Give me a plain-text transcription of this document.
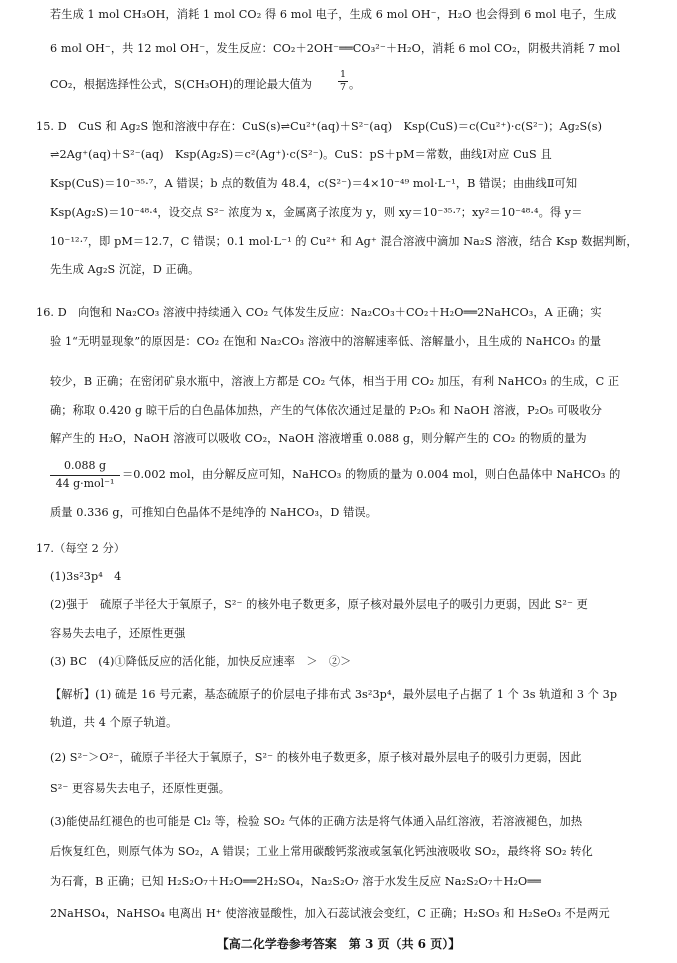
若生成 1 mol CH₃OH，消耗 1 mol CO₂ 得 6 mol 电子，生成 6 mol OH⁻，H₂O 也会得到 6 mol 电子，生成
6 mol OH⁻，共 12 mol OH⁻，发生反应：CO₂＋2OH⁻══CO₃²⁻＋H₂O，消耗 6 mol CO₂，阴极共消耗 7 mol
CO₂，根据选择性公式，S(CH₃OH)的理论最大值为
1
7 。
15. D　CuS 和 Ag₂S 饱和溶液中存在：CuS(s)⇌Cu²⁺(aq)＋S²⁻(aq)　Ksp(CuS)＝c(Cu²⁺)·c(S²⁻)；Ag₂S(s)
⇌2Ag⁺(aq)＋S²⁻(aq)　Ksp(Ag₂S)＝c²(Ag⁺)·c(S²⁻)。CuS：pS＋pM＝常数，曲线Ⅰ对应 CuS 且
Ksp(CuS)＝10⁻³⁵·⁷，A 错误；b 点的数值为 48.4，c(S²⁻)＝4×10⁻⁴⁹ mol·L⁻¹，B 错误；由曲线Ⅱ可知
Ksp(Ag₂S)＝10⁻⁴⁸·⁴，设交点 S²⁻ 浓度为 x，金属离子浓度为 y，则 xy＝10⁻³⁵·⁷；xy²＝10⁻⁴⁸·⁴。得 y＝
10⁻¹²·⁷，即 pM＝12.7，C 错误；0.1 mol·L⁻¹ 的 Cu²⁺ 和 Ag⁺ 混合溶液中滴加 Na₂S 溶液，结合 Ksp 数据判断，
先生成 Ag₂S 沉淀，D 正确。
16. D　向饱和 Na₂CO₃ 溶液中持续通入 CO₂ 气体发生反应：Na₂CO₃＋CO₂＋H₂O══2NaHCO₃，A 正确；实
验 1“无明显现象”的原因是：CO₂ 在饱和 Na₂CO₃ 溶液中的溶解速率低、溶解量小，且生成的 NaHCO₃ 的量
较少，B 正确；在密闭矿泉水瓶中，溶液上方都是 CO₂ 气体，相当于用 CO₂ 加压，有利 NaHCO₃ 的生成，C 正
确；称取 0.420 g 晾干后的白色晶体加热，产生的气体依次通过足量的 P₂O₅ 和 NaOH 溶液，P₂O₅ 可吸收分
解产生的 H₂O，NaOH 溶液可以吸收 CO₂，NaOH 溶液增重 0.088 g，则分解产生的 CO₂ 的物质的量为
0.088 g
44 g·mol⁻¹
＝0.002 mol，由分解反应可知，NaHCO₃ 的物质的量为 0.004 mol，则白色晶体中 NaHCO₃ 的
质量 0.336 g，可推知白色晶体不是纯净的 NaHCO₃，D 错误。
17.（每空 2 分）
(1)3s²3p⁴　4
(2)强于　硫原子半径大于氧原子，S²⁻ 的核外电子数更多，原子核对最外层电子的吸引力更弱，因此 S²⁻ 更
容易失去电子，还原性更强
(3) BC　(4)①降低反应的活化能，加快反应速率　＞　②＞
【解析】(1) 硫是 16 号元素，基态硫原子的价层电子排布式 3s²3p⁴，最外层电子占据了 1 个 3s 轨道和 3 个 3p
轨道，共 4 个原子轨道。
(2) S²⁻＞O²⁻，硫原子半径大于氧原子，S²⁻ 的核外电子数更多，原子核对最外层电子的吸引力更弱，因此
S²⁻ 更容易失去电子，还原性更强。
(3)能使品红褪色的也可能是 Cl₂ 等，检验 SO₂ 气体的正确方法是将气体通入品红溶液，若溶液褪色，加热
后恢复红色，则原气体为 SO₂，A 错误；工业上常用碳酸钙浆液或氢氧化钙浊液吸收 SO₂，最终将 SO₂ 转化
为石膏，B 正确；已知 H₂S₂O₇＋H₂O══2H₂SO₄，Na₂S₂O₇ 溶于水发生反应 Na₂S₂O₇＋H₂O══
2NaHSO₄，NaHSO₄ 电离出 H⁺ 使溶液显酸性，加入石蕊试液会变红，C 正确；H₂SO₃ 和 H₂SeO₃ 不是两元
【高二化学卷参考答案　第 3 页（共 6 页）】
